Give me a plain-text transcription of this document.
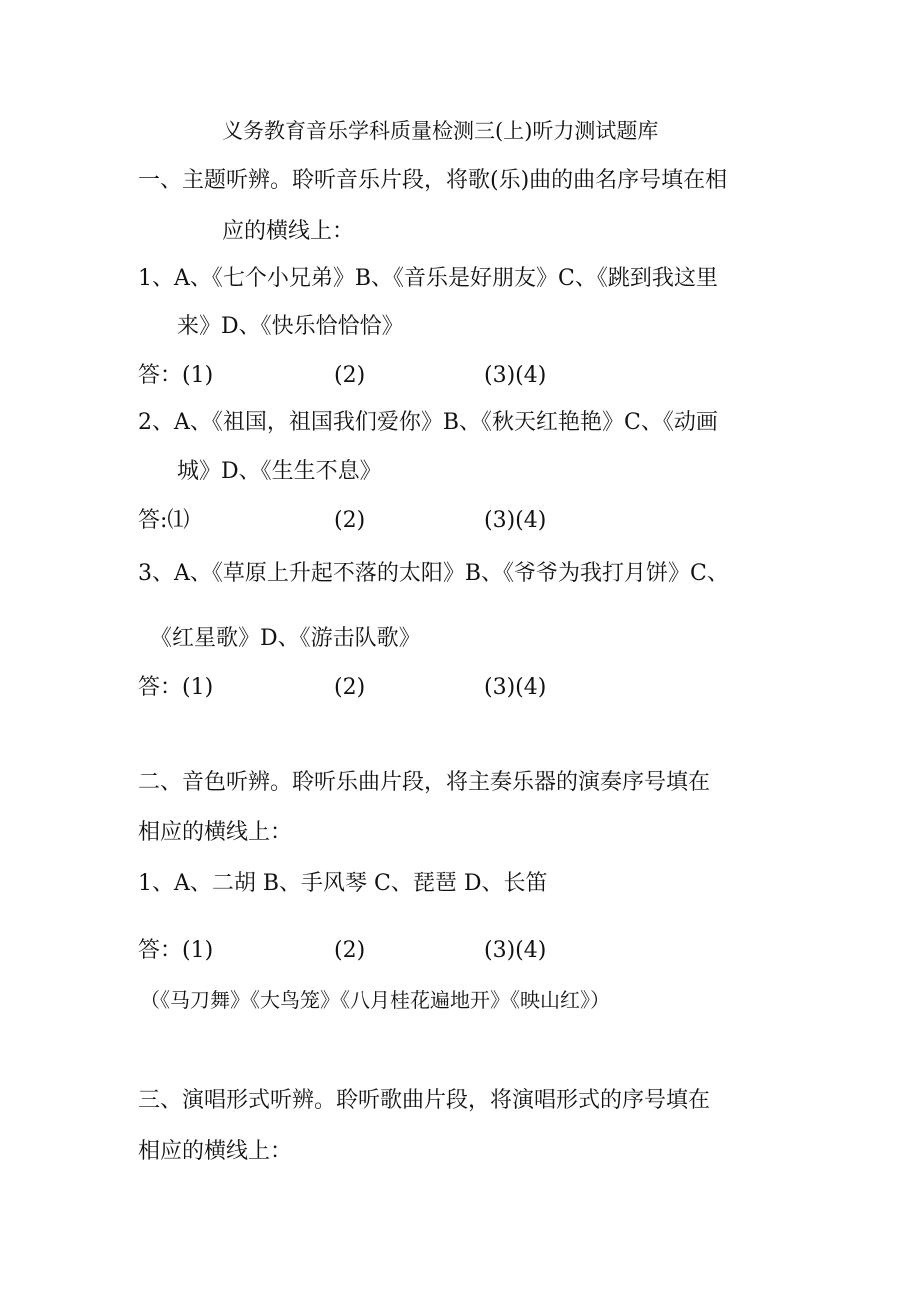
义务教育音乐学科质量检测三(上)听力测试题库
一、主题听辨。聆听音乐片段，将歌(乐)曲的曲名序号填在相
应的横线上：
1、A、《七个小兄弟》B、《音乐是好朋友》C、《跳到我这里
来》D、《快乐恰恰恰》
答：(1)	(2)	(3)(4)
2、A、《祖国，祖国我们爱你》B、《秋天红艳艳》C、《动画
城》D、《生生不息》
答:⑴	(2)	(3)(4)
3、A、《草原上升起不落的太阳》B、《爷爷为我打月饼》C、
《红星歌》D、《游击队歌》
答：(1)	(2)	(3)(4)
二、音色听辨。聆听乐曲片段，将主奏乐器的演奏序号填在
相应的横线上：
1、A、二胡 B、手风琴 C、琵琶 D、长笛
答：(1)	(2)	(3)(4)
（《马刀舞》《大鸟笼》《八月桂花遍地开》《映山红》）
三、演唱形式听辨。聆听歌曲片段，将演唱形式的序号填在
相应的横线上：
